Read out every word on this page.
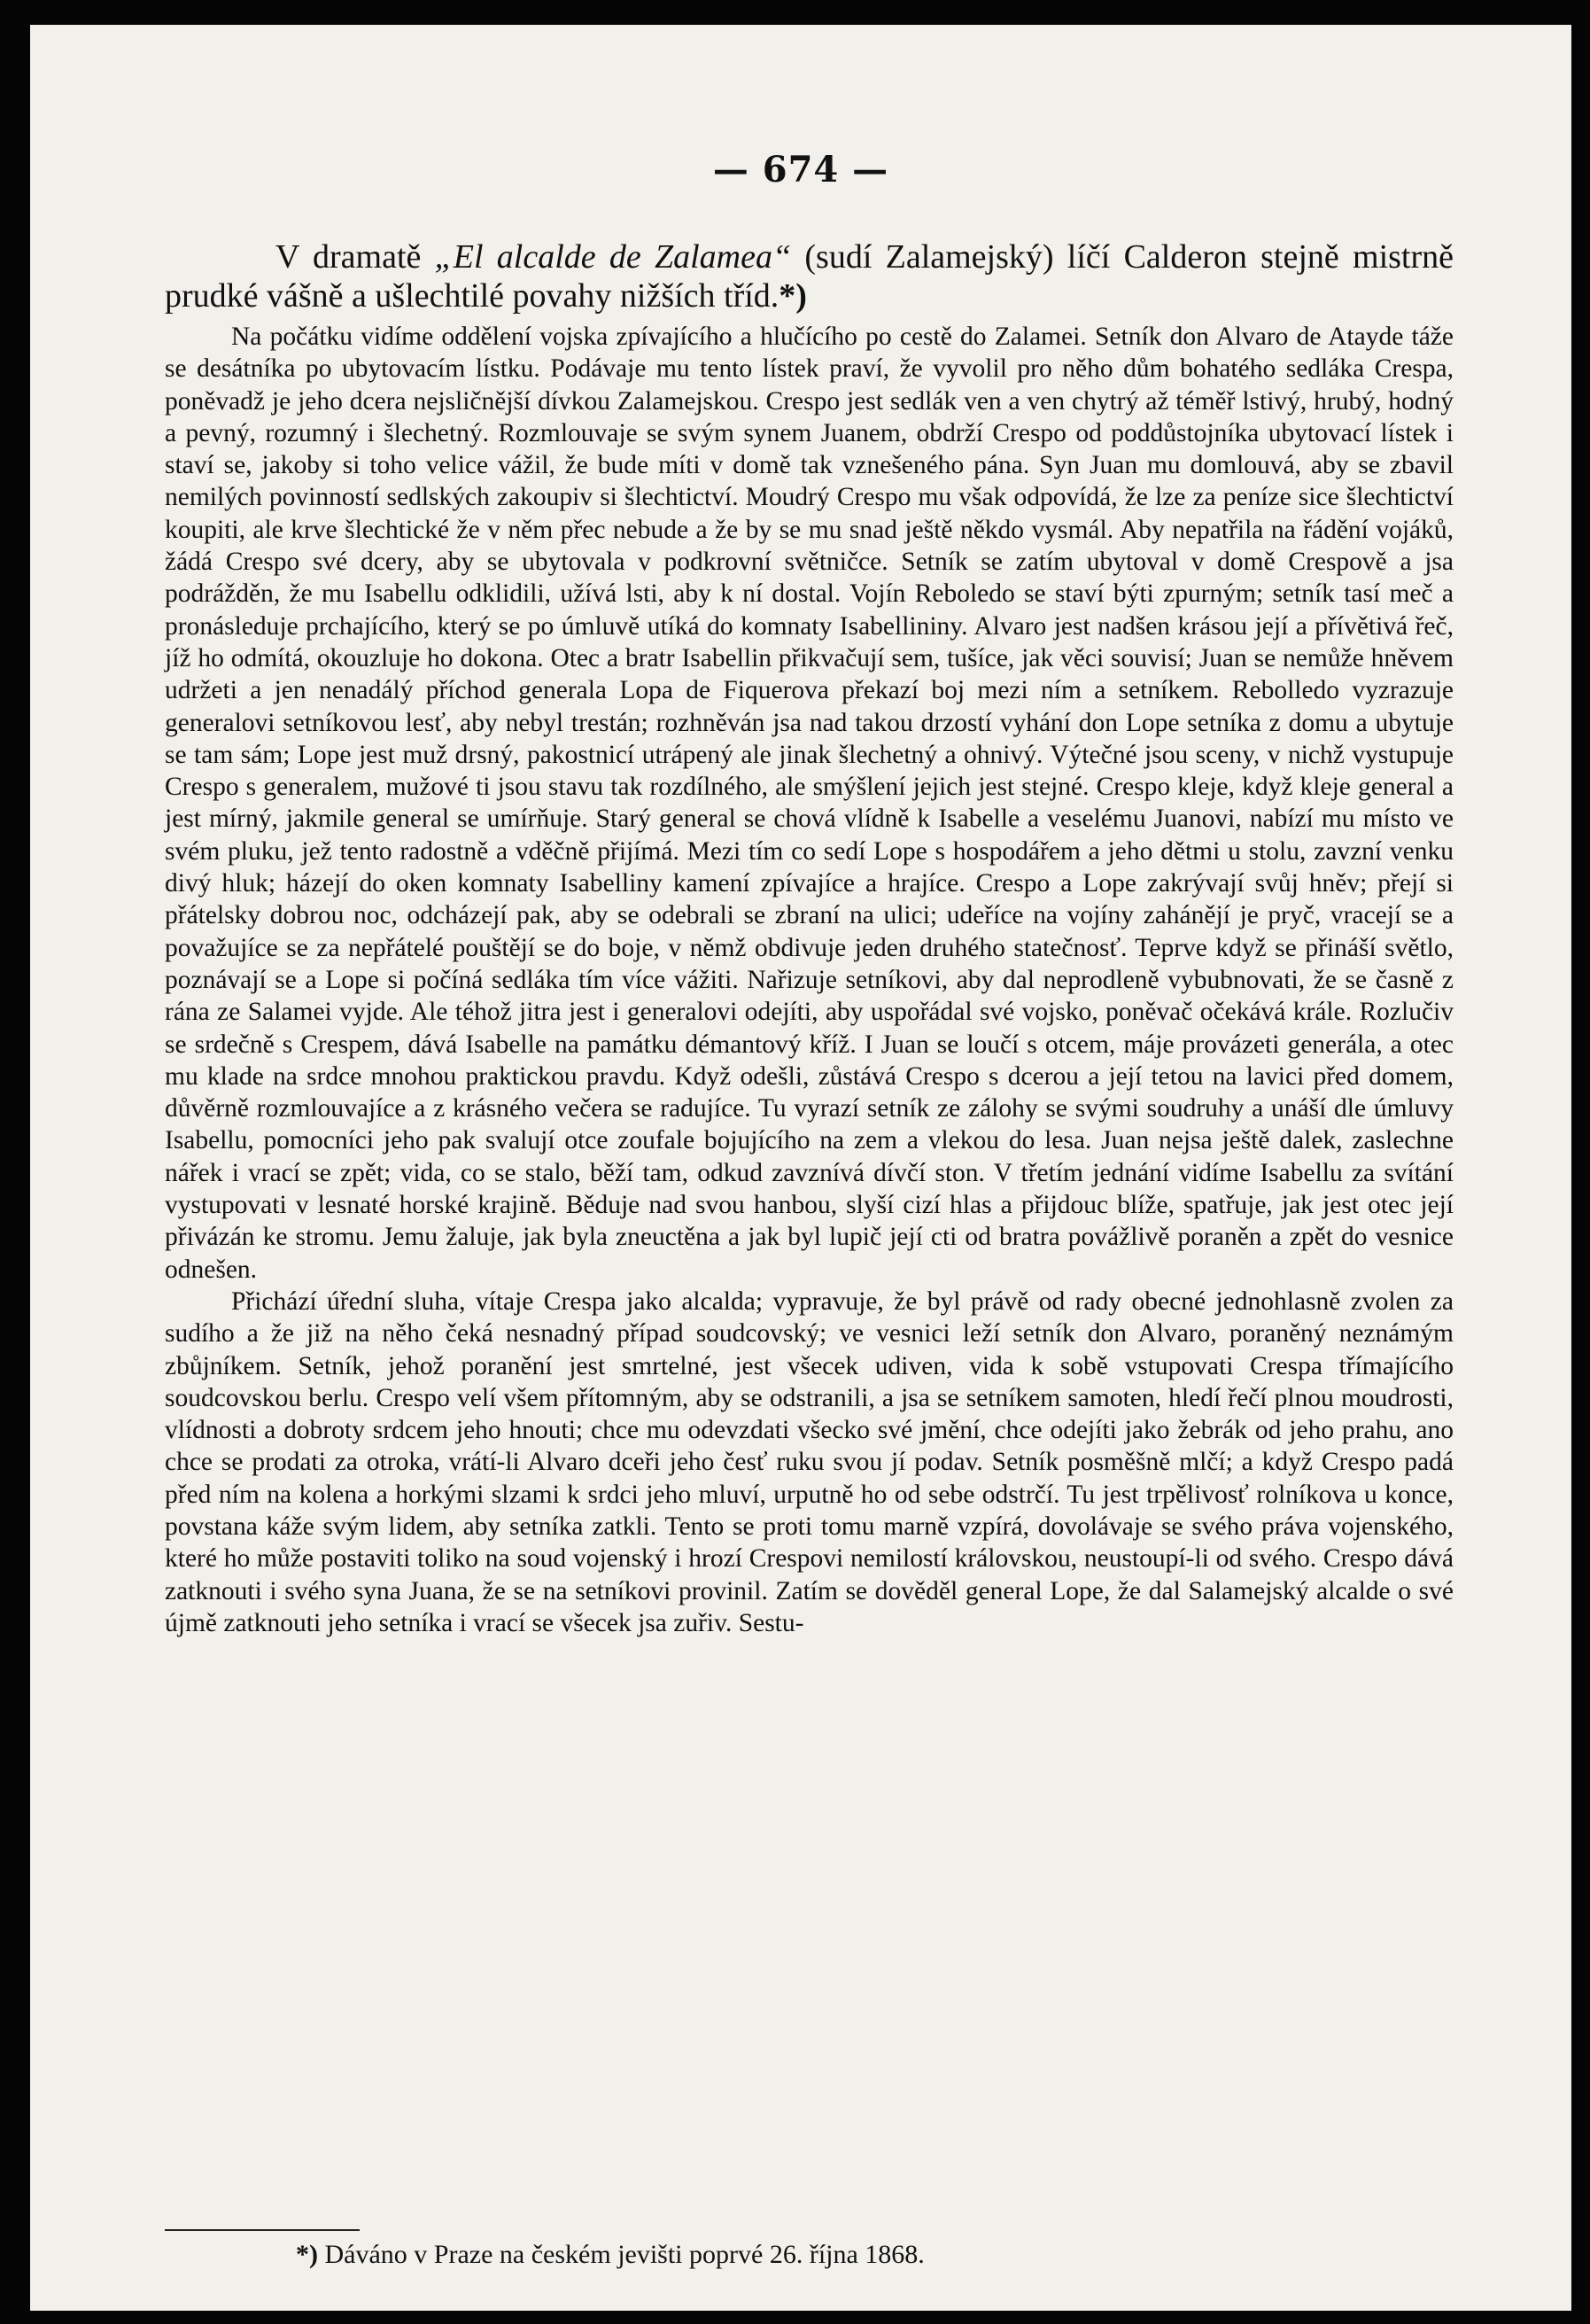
— 674 —

V dramatě „El alcalde de Zalamea“ (sudí Zalamejský) líčí Calderon stejně mistrně prudké vášně a ušlechtilé povahy nižších tříd.*)

Na počátku vidíme oddělení vojska zpívajícího a hlučícího po cestě do Zalamei. Setník don Alvaro de Atayde táže se desátníka po ubytovacím lístku. Podávaje mu tento lístek praví, že vyvolil pro něho dům bohatého sedláka Crespa, poněvadž je jeho dcera nejsličnější dívkou Zalamejskou. Crespo jest sedlák ven a ven chytrý až téměř lstivý, hrubý, hodný a pevný, rozumný i šlechetný. Rozmlouvaje se svým synem Juanem, obdrží Crespo od poddůstojníka ubytovací lístek i staví se, jakoby si toho velice vážil, že bude míti v domě tak vznešeného pána. Syn Juan mu domlouvá, aby se zbavil nemilých povinností sedlských zakoupiv si šlechtictví. Moudrý Crespo mu však odpovídá, že lze za peníze sice šlechtictví koupiti, ale krve šlechtické že v něm přec nebude a že by se mu snad ještě někdo vysmál. Aby nepatřila na řádění vojáků, žádá Crespo své dcery, aby se ubytovala v podkrovní světničce. Setník se zatím ubytoval v domě Crespově a jsa podrážděn, že mu Isabellu odklidili, užívá lsti, aby k ní dostal. Vojín Reboledo se staví býti zpurným; setník tasí meč a pronásleduje prchajícího, který se po úmluvě utíká do komnaty Isabellininy. Alvaro jest nadšen krásou její a přívětivá řeč, jíž ho odmítá, okouzluje ho dokona. Otec a bratr Isabellin přikvačují sem, tušíce, jak věci souvisí; Juan se nemůže hněvem udržeti a jen nenadálý příchod generala Lopa de Fiquerova překazí boj mezi ním a setníkem. Rebolledo vyzrazuje generalovi setníkovou lesť, aby nebyl trestán; rozhněván jsa nad takou drzostí vyhání don Lope setníka z domu a ubytuje se tam sám; Lope jest muž drsný, pakostnicí utrápený ale jinak šlechetný a ohnivý. Výtečné jsou sceny, v nichž vystupuje Crespo s generalem, mužové ti jsou stavu tak rozdílného, ale smýšlení jejich jest stejné. Crespo kleje, když kleje general a jest mírný, jakmile general se umírňuje. Starý general se chová vlídně k Isabelle a veselému Juanovi, nabízí mu místo ve svém pluku, jež tento radostně a vděčně přijímá. Mezi tím co sedí Lope s hospodářem a jeho dětmi u stolu, zavzní venku divý hluk; házejí do oken komnaty Isabelliny kamení zpívajíce a hrajíce. Crespo a Lope zakrývají svůj hněv; přejí si přátelsky dobrou noc, odcházejí pak, aby se odebrali se zbraní na ulici; udeříce na vojíny zahánějí je pryč, vracejí se a považujíce se za nepřátelé pouštějí se do boje, v němž obdivuje jeden druhého statečnosť. Teprve když se přináší světlo, poznávají se a Lope si počíná sedláka tím více vážiti. Nařizuje setníkovi, aby dal neprodleně vybubnovati, že se časně z rána ze Salamei vyjde. Ale téhož jitra jest i generalovi odejíti, aby uspořádal své vojsko, poněvač očekává krále. Rozlučiv se srdečně s Crespem, dává Isabelle na památku démantový kříž. I Juan se loučí s otcem, máje provázeti generála, a otec mu klade na srdce mnohou praktickou pravdu. Když odešli, zůstává Crespo s dcerou a její tetou na lavici před domem, důvěrně rozmlouvajíce a z krásného večera se radujíce. Tu vyrazí setník ze zálohy se svými soudruhy a unáší dle úmluvy Isabellu, pomocníci jeho pak svalují otce zoufale bojujícího na zem a vlekou do lesa. Juan nejsa ještě dalek, zaslechne nářek i vrací se zpět; vida, co se stalo, běží tam, odkud zavznívá dívčí ston. V třetím jednání vidíme Isabellu za svítání vystupovati v lesnaté horské krajině. Běduje nad svou hanbou, slyší cizí hlas a přijdouc blíže, spatřuje, jak jest otec její přivázán ke stromu. Jemu žaluje, jak byla zneuctěna a jak byl lupič její cti od bratra povážlivě poraněn a zpět do vesnice odnešen.

Přichází úřední sluha, vítaje Crespa jako alcalda; vypravuje, že byl právě od rady obecné jednohlasně zvolen za sudího a že již na něho čeká nesnadný případ soudcovský; ve vesnici leží setník don Alvaro, poraněný neznámým zbůjníkem. Setník, jehož poranění jest smrtelné, jest všecek udiven, vida k sobě vstupovati Crespa třímajícího soudcovskou berlu. Crespo velí všem přítomným, aby se odstranili, a jsa se setníkem samoten, hledí řečí plnou moudrosti, vlídnosti a dobroty srdcem jeho hnouti; chce mu odevzdati všecko své jmění, chce odejíti jako žebrák od jeho prahu, ano chce se prodati za otroka, vrátí-li Alvaro dceři jeho česť ruku svou jí podav. Setník posměšně mlčí; a když Crespo padá před ním na kolena a horkými slzami k srdci jeho mluví, urputně ho od sebe odstrčí. Tu jest trpělivosť rolníkova u konce, povstana káže svým lidem, aby setníka zatkli. Tento se proti tomu marně vzpírá, dovolávaje se svého práva vojenského, které ho může postaviti toliko na soud vojenský i hrozí Crespovi nemilostí královskou, neustoupí-li od svého. Crespo dává zatknouti i svého syna Juana, že se na setníkovi provinil. Zatím se dověděl general Lope, že dal Salamejský alcalde o své újmě zatknouti jeho setníka i vrací se všecek jsa zuřiv. Sestu-

*) Dáváno v Praze na českém jevišti poprvé 26. října 1868.
